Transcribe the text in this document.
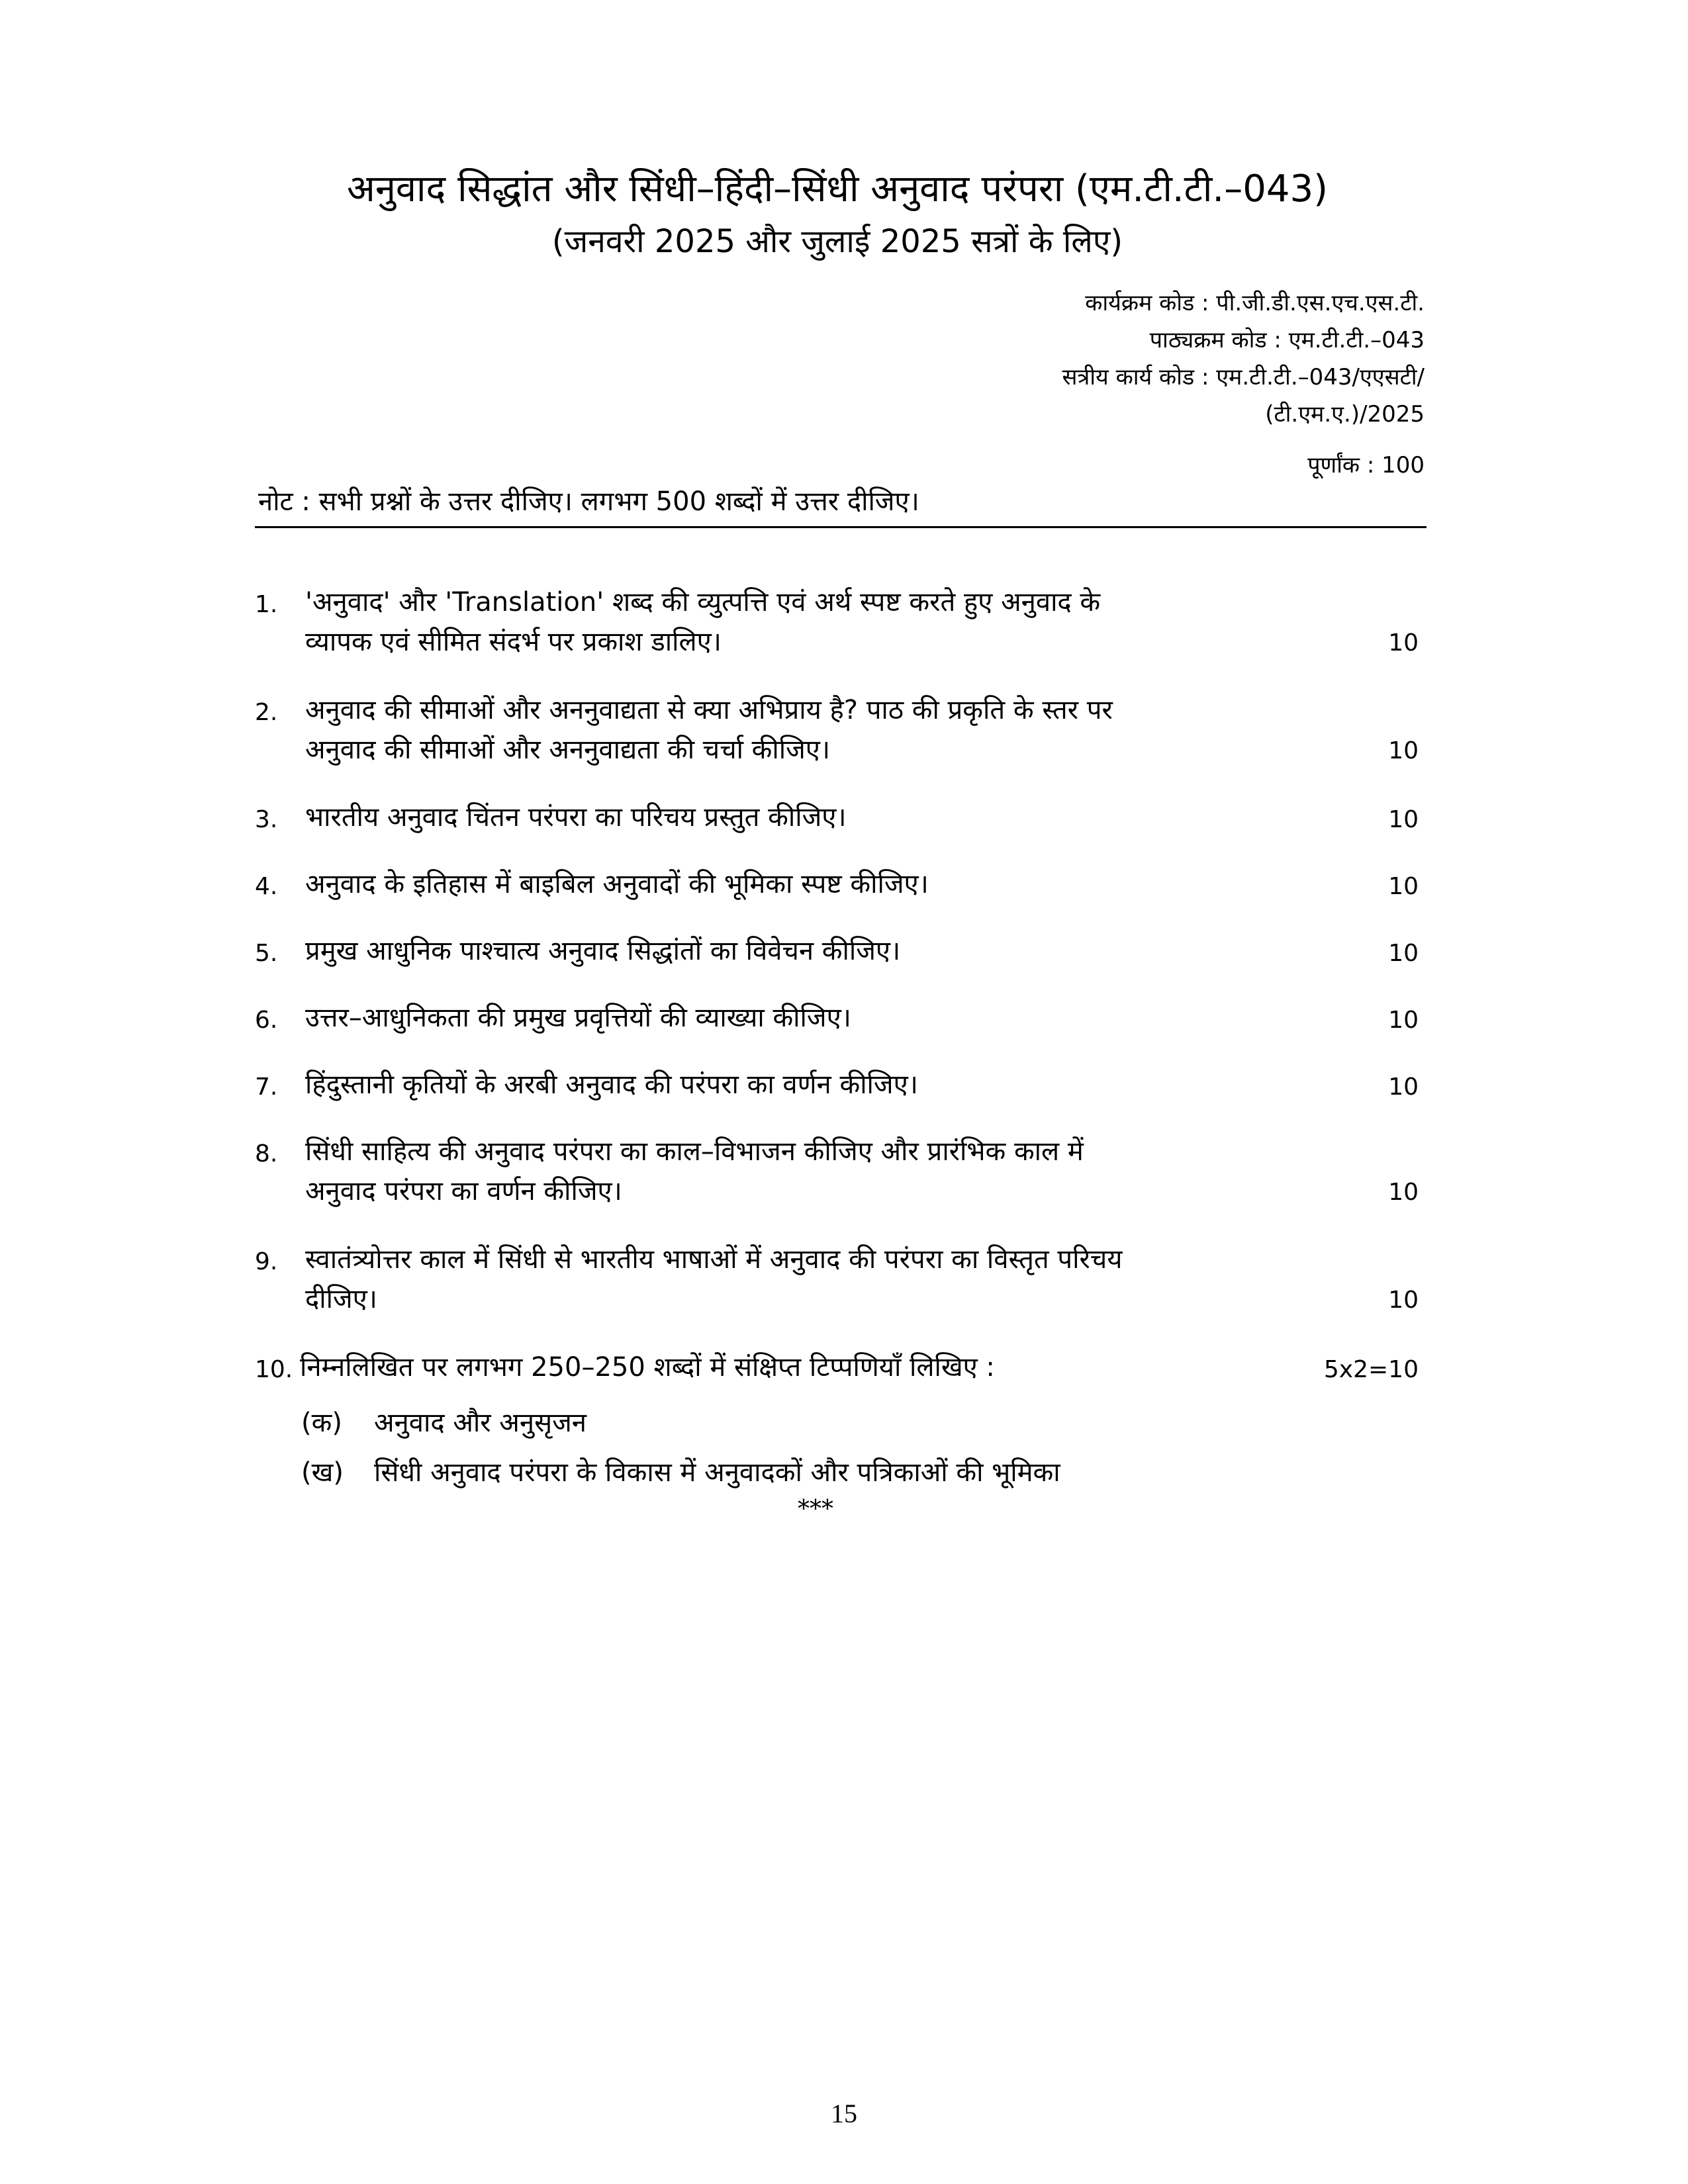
अनुवाद सिद्धांत और सिंधी–हिंदी–सिंधी अनुवाद परंपरा (एम.टी.टी.–043)
(जनवरी 2025 और जुलाई 2025 सत्रों के लिए)
कार्यक्रम कोड : पी.जी.डी.एस.एच.एस.टी.
पाठ्यक्रम कोड : एम.टी.टी.–043
सत्रीय कार्य कोड : एम.टी.टी.–043/एएसटी/
(टी.एम.ए.)/2025
पूर्णांक : 100
नोट : सभी प्रश्नों के उत्तर दीजिए। लगभग 500 शब्दों में उत्तर दीजिए।
1.	'अनुवाद' और 'Translation' शब्द की व्युत्पत्ति एवं अर्थ स्पष्ट करते हुए अनुवाद के
व्यापक एवं सीमित संदर्भ पर प्रकाश डालिए।	10
2.	अनुवाद की सीमाओं और अननुवाद्यता से क्या अभिप्राय है? पाठ की प्रकृति के स्तर पर
अनुवाद की सीमाओं और अननुवाद्यता की चर्चा कीजिए।	10
3.	भारतीय अनुवाद चिंतन परंपरा का परिचय प्रस्तुत कीजिए।	10
4.	अनुवाद के इतिहास में बाइबिल अनुवादों की भूमिका स्पष्ट कीजिए।	10
5.	प्रमुख आधुनिक पाश्चात्य अनुवाद सिद्धांतों का विवेचन कीजिए।	10
6.	उत्तर–आधुनिकता की प्रमुख प्रवृत्तियों की व्याख्या कीजिए।	10
7.	हिंदुस्तानी कृतियों के अरबी अनुवाद की परंपरा का वर्णन कीजिए।	10
8.	सिंधी साहित्य की अनुवाद परंपरा का काल–विभाजन कीजिए और प्रारंभिक काल में
अनुवाद परंपरा का वर्णन कीजिए।	10
9.	स्वातंत्र्योत्तर काल में सिंधी से भारतीय भाषाओं में अनुवाद की परंपरा का विस्तृत परिचय
दीजिए।	10
10. निम्नलिखित पर लगभग 250–250 शब्दों में संक्षिप्त टिप्पणियाँ लिखिए :	5x2=10
(क) अनुवाद और अनुसृजन
(ख) सिंधी अनुवाद परंपरा के विकास में अनुवादकों और पत्रिकाओं की भूमिका
***
15
